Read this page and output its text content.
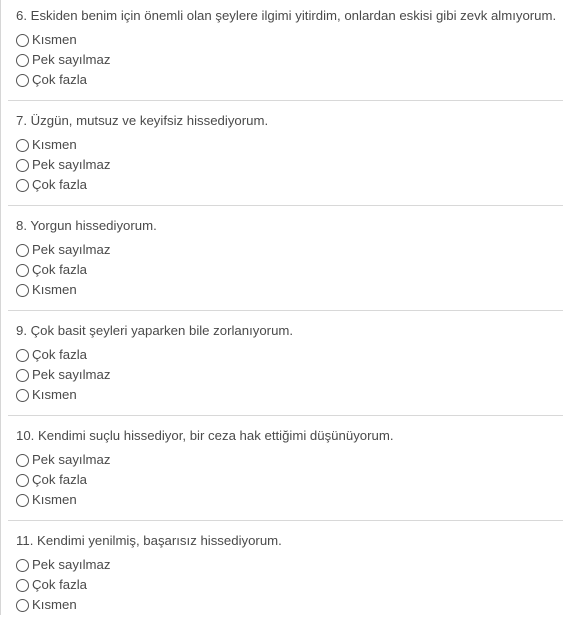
6. Eskiden benim için önemli olan şeylere ilgimi yitirdim, onlardan eskisi gibi zevk almıyorum.
Kısmen
Pek sayılmaz
Çok fazla
7. Üzgün, mutsuz ve keyifsiz hissediyorum.
Kısmen
Pek sayılmaz
Çok fazla
8. Yorgun hissediyorum.
Pek sayılmaz
Çok fazla
Kısmen
9. Çok basit şeyleri yaparken bile zorlanıyorum.
Çok fazla
Pek sayılmaz
Kısmen
10. Kendimi suçlu hissediyor, bir ceza hak ettiğimi düşünüyorum.
Pek sayılmaz
Çok fazla
Kısmen
11. Kendimi yenilmiş, başarısız hissediyorum.
Pek sayılmaz
Çok fazla
Kısmen
